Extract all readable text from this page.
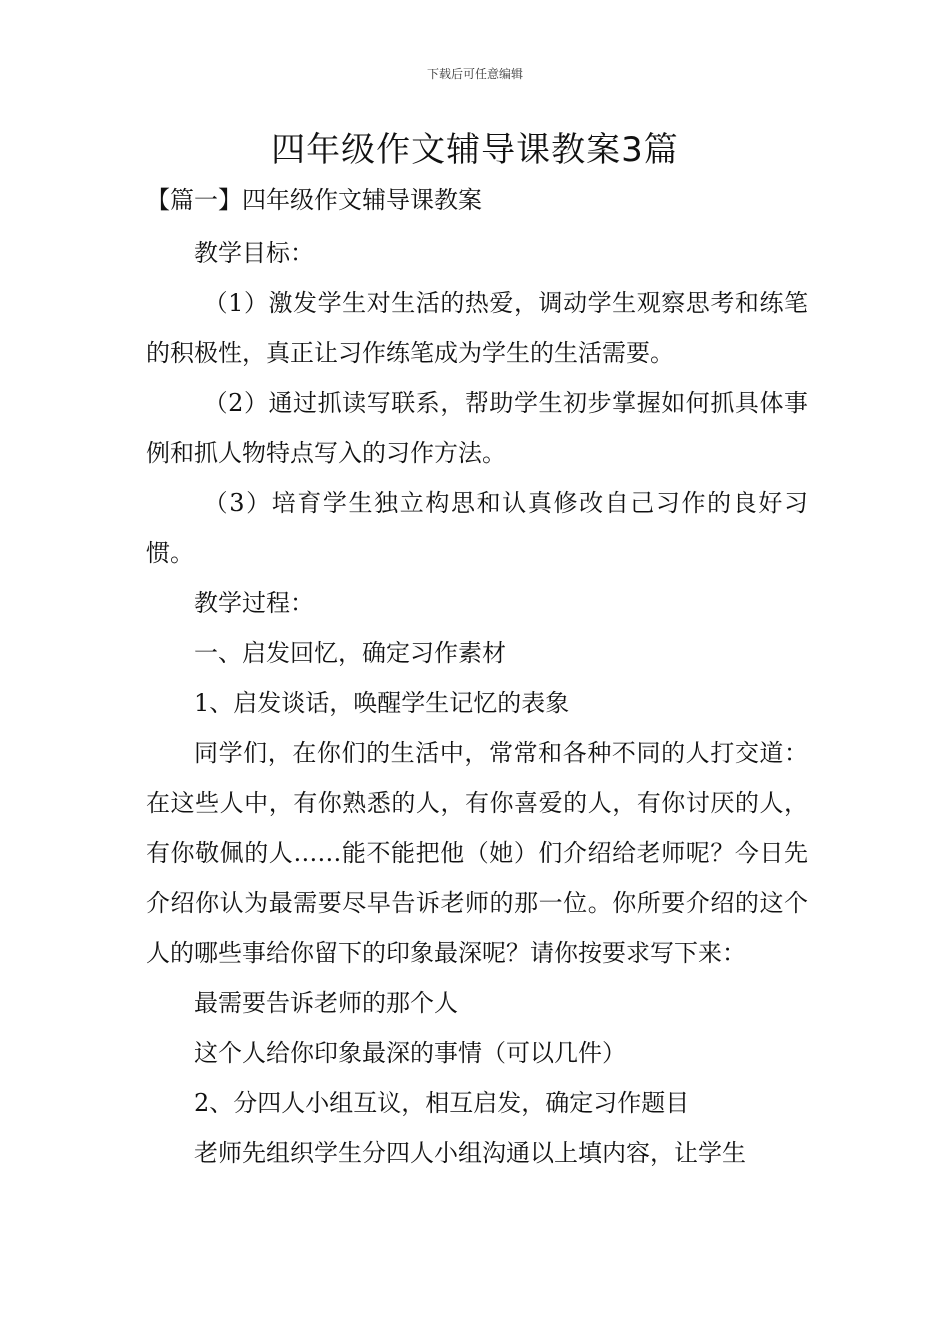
下载后可任意编辑
四年级作文辅导课教案3篇
【篇一】四年级作文辅导课教案

教学目标：

（1）激发学生对生活的热爱，调动学生观察思考和练笔的积极性，真正让习作练笔成为学生的生活需要。

（2）通过抓读写联系，帮助学生初步掌握如何抓具体事例和抓人物特点写入的习作方法。

（3）培育学生独立构思和认真修改自己习作的良好习惯。

教学过程：

一、启发回忆，确定习作素材

1、启发谈话，唤醒学生记忆的表象

同学们，在你们的生活中，常常和各种不同的人打交道：在这些人中，有你熟悉的人，有你喜爱的人，有你讨厌的人，有你敬佩的人……能不能把他（她）们介绍给老师呢？今日先介绍你认为最需要尽早告诉老师的那一位。你所要介绍的这个人的哪些事给你留下的印象最深呢？请你按要求写下来：

最需要告诉老师的那个人

这个人给你印象最深的事情（可以几件）

2、分四人小组互议，相互启发，确定习作题目

老师先组织学生分四人小组沟通以上填内容，让学生
